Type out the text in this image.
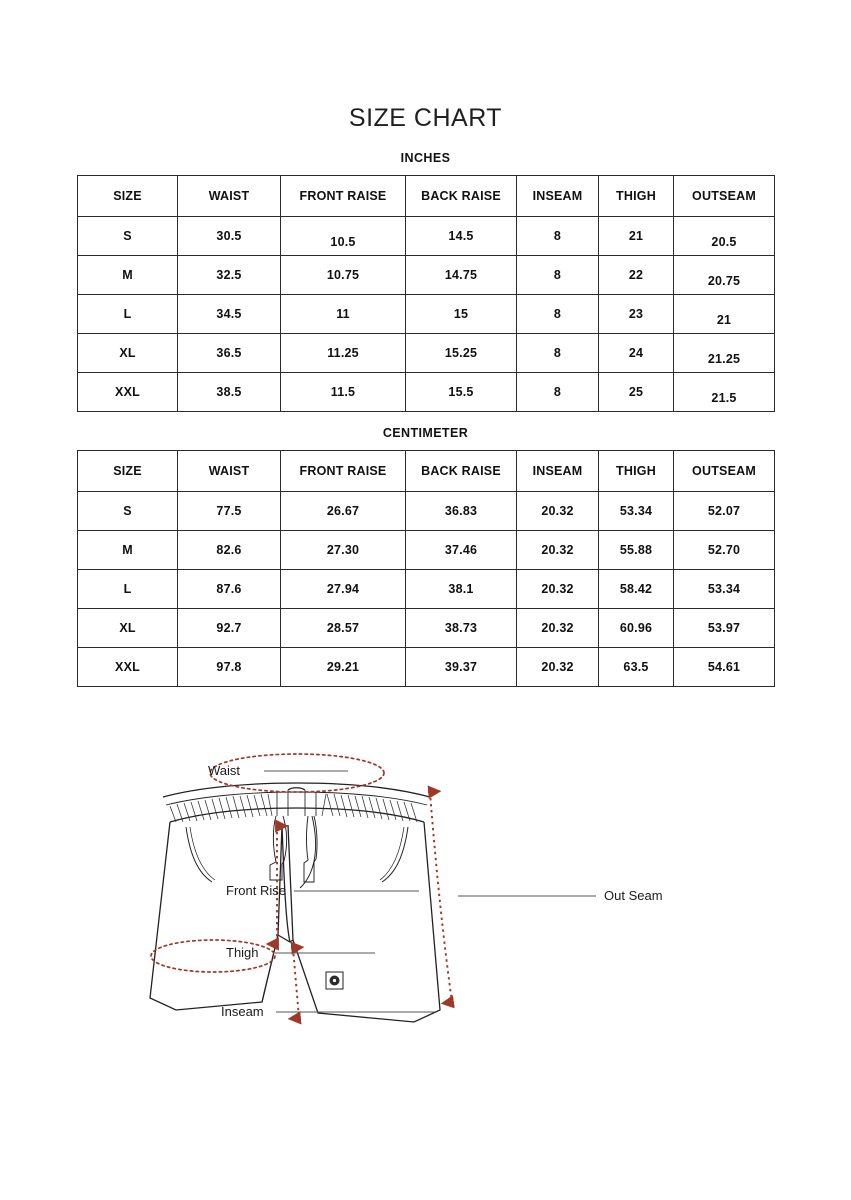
SIZE CHART
INCHES
SIZE	WAIST	FRONT RAISE	BACK RAISE	INSEAM	THIGH	OUTSEAM
S	30.5	10.5	14.5	8	21	20.5
M	32.5	10.75	14.75	8	22	20.75
L	34.5	11	15	8	23	21
XL	36.5	11.25	15.25	8	24	21.25
XXL	38.5	11.5	15.5	8	25	21.5
CENTIMETER
SIZE	WAIST	FRONT RAISE	BACK RAISE	INSEAM	THIGH	OUTSEAM
S	77.5	26.67	36.83	20.32	53.34	52.07
M	82.6	27.30	37.46	20.32	55.88	52.70
L	87.6	27.94	38.1	20.32	58.42	53.34
XL	92.7	28.57	38.73	20.32	60.96	53.97
XXL	97.8	29.21	39.37	20.32	63.5	54.61
Waist
Front Rise
Thigh
Inseam
Out Seam
